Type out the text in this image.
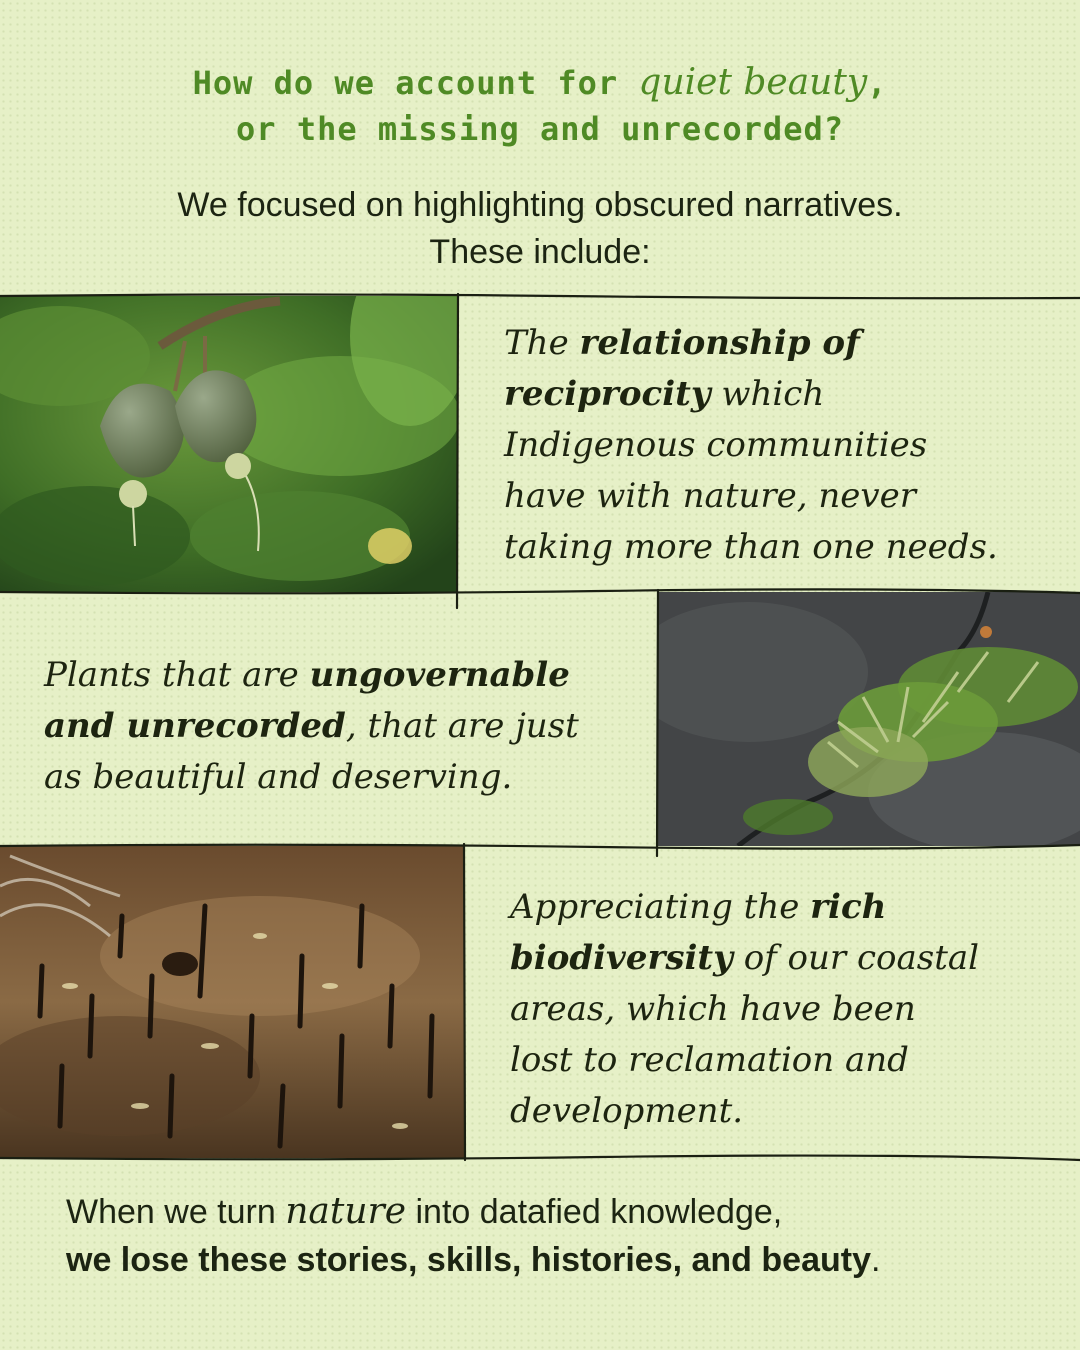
How do we account for quiet beauty,
or the missing and unrecorded?
We focused on highlighting obscured narratives.
These include:
The relationship of
reciprocity which
Indigenous communities
have with nature, never
taking more than one needs.
Plants that are ungovernable
and unrecorded, that are just
as beautiful and deserving.
Appreciating the rich
biodiversity of our coastal
areas, which have been
lost to reclamation and
development.
When we turn nature into datafied knowledge,
we lose these stories, skills, histories, and beauty.
